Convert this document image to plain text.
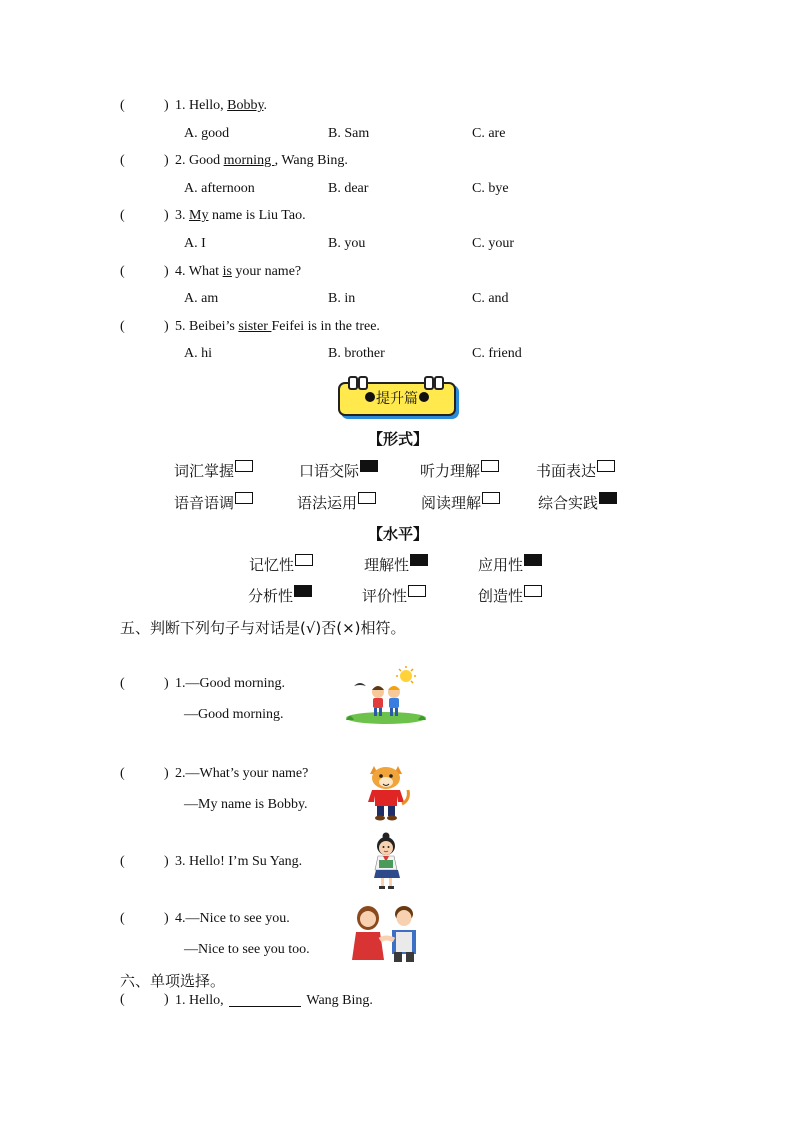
(	) 1. Hello, Bobby.
A. good	B. Sam	C. are
(	) 2. Good morning , Wang Bing.
A. afternoon	B. dear	C. bye
(	) 3. My name is Liu Tao.
A. I	B. you	C. your
(	) 4. What is your name?
A. am	B. in	C. and
(	) 5. Beibei’s sister Feifei is in the tree.
A. hi	B. brother	C. friend
提升篇
【形式】
词汇掌握	口语交际	听力理解	书面表达
语音语调	语法运用	阅读理解	综合实践
【水平】
记忆性	理解性	应用性
分析性	评价性	创造性
五、判断下列句子与对话是(√)否(×)相符。
(	) 1.—Good morning.
—Good morning.
(	) 2.—What’s your name?
—My name is Bobby.
(	) 3. Hello! I’m Su Yang.
(	) 4.—Nice to see you.
—Nice to see you too.
六、单项选择。
(	) 1. Hello,	Wang Bing.
